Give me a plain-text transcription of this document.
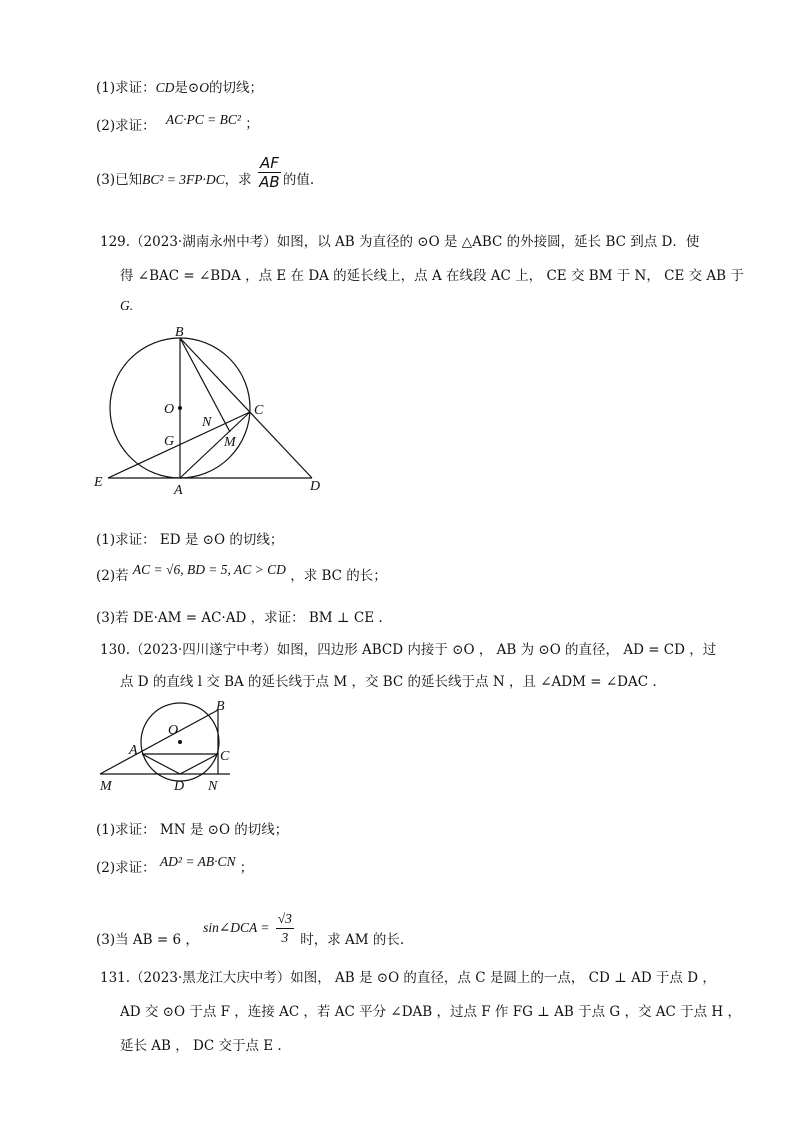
(1)求证：CD是⊙O的切线；
(2)求证： AC·PC = BC² ；
(3)已知BC² = 3FP·DC，求 $\frac{AF}{AB}$ 的值.
129.（2023·湖南永州中考）如图，以 AB 为直径的 ⊙O 是 △ABC 的外接圆，延长 BC 到点 D．使
得 ∠BAC = ∠BDA ，点 E 在 DA 的延长线上，点 A 在线段 AC 上， CE 交 BM 于 N， CE 交 AB 于
G.
B
O	C
N
G	M
E
A	D
(1)求证： ED 是 ⊙O 的切线；
(2)若 AC = √6, BD = 5, AC > CD ，求 BC 的长；
(3)若 DE·AM = AC·AD ，求证： BM ⊥ CE .
130.（2023·四川遂宁中考）如图，四边形 ABCD 内接于 ⊙O ， AB 为 ⊙O 的直径， AD = CD ，过
点 D 的直线 l 交 BA 的延长线于点 M ，交 BC 的延长线于点 N ，且 ∠ADM = ∠DAC .
O
B
A	C
M	D N
(1)求证： MN 是 ⊙O 的切线；
(2)求证： AD² = AB·CN ；
(3)当 AB = 6 ， sin∠DCA = $\frac{√3}{3}$ 时，求 AM 的长.
131.（2023·黑龙江大庆中考）如图， AB 是 ⊙O 的直径，点 C 是圆上的一点， CD ⊥ AD 于点 D ，
AD 交 ⊙O 于点 F ，连接 AC ，若 AC 平分 ∠DAB ，过点 F 作 FG ⊥ AB 于点 G ，交 AC 于点 H ，
延长 AB ， DC 交于点 E .
